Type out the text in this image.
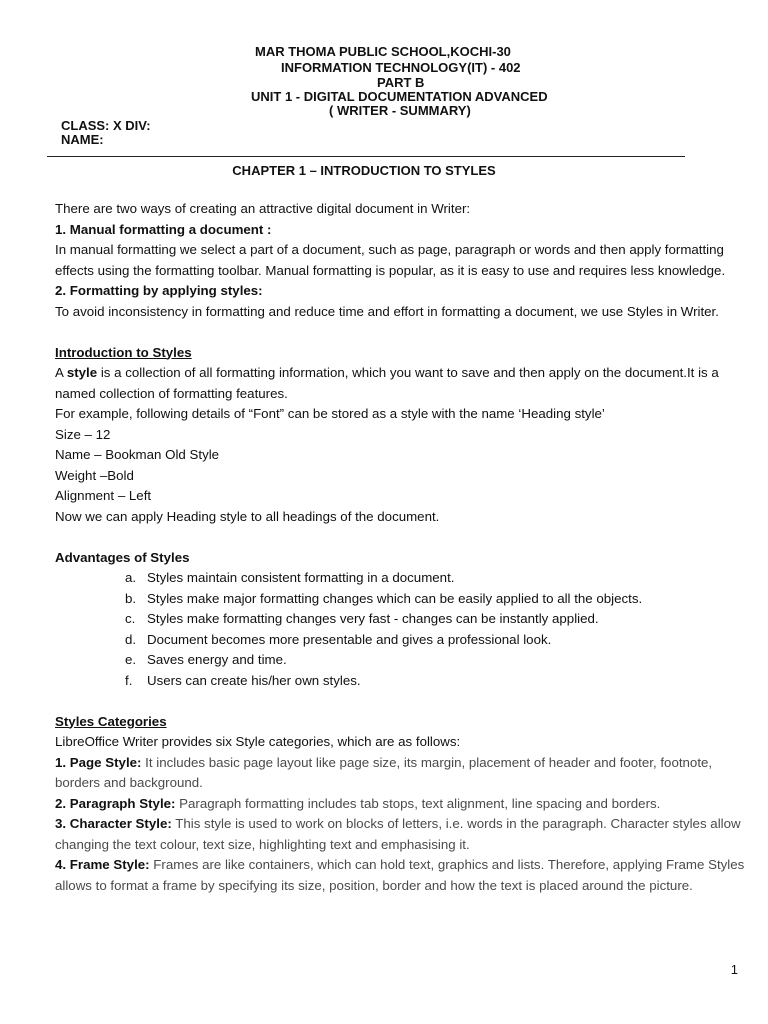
MAR THOMA PUBLIC SCHOOL,KOCHI-30
INFORMATION TECHNOLOGY(IT) - 402
PART B
UNIT 1 - DIGITAL DOCUMENTATION ADVANCED
( WRITER - SUMMARY)
CLASS: X DIV:
NAME:
CHAPTER 1 – INTRODUCTION TO STYLES

There are two ways of creating an attractive digital document in Writer:

1. Manual formatting a document :

In manual formatting we select a part of a document, such as page, paragraph or words and then apply formatting effects using the formatting toolbar. Manual formatting is popular, as it is easy to use and requires less knowledge.

2. Formatting by applying styles:

To avoid inconsistency in formatting and reduce time and effort in formatting a document, we use Styles in Writer.

Introduction to Styles

A style is a collection of all formatting information, which you want to save and then apply on the document.It is a named collection of formatting features.

For example, following details of “Font” can be stored as a style with the name ‘Heading style’

Size – 12

Name – Bookman Old Style

Weight –Bold

Alignment – Left

Now we can apply Heading style to all headings of the document.

Advantages of Styles

a. Styles maintain consistent formatting in a document.
b. Styles make major formatting changes which can be easily applied to all the objects.
c. Styles make formatting changes very fast - changes can be instantly applied.
d. Document becomes more presentable and gives a professional look.
e. Saves energy and time.
f. Users can create his/her own styles.

Styles Categories

LibreOffice Writer provides six Style categories, which are as follows:

1. Page Style: It includes basic page layout like page size, its margin, placement of header and footer, footnote, borders and background.

2. Paragraph Style: Paragraph formatting includes tab stops, text alignment, line spacing and borders.

3. Character Style: This style is used to work on blocks of letters, i.e. words in the paragraph. Character styles allow changing the text colour, text size, highlighting text and emphasising it.

4. Frame Style: Frames are like containers, which can hold text, graphics and lists. Therefore, applying Frame Styles allows to format a frame by specifying its size, position, border and how the text is placed around the picture.

1
